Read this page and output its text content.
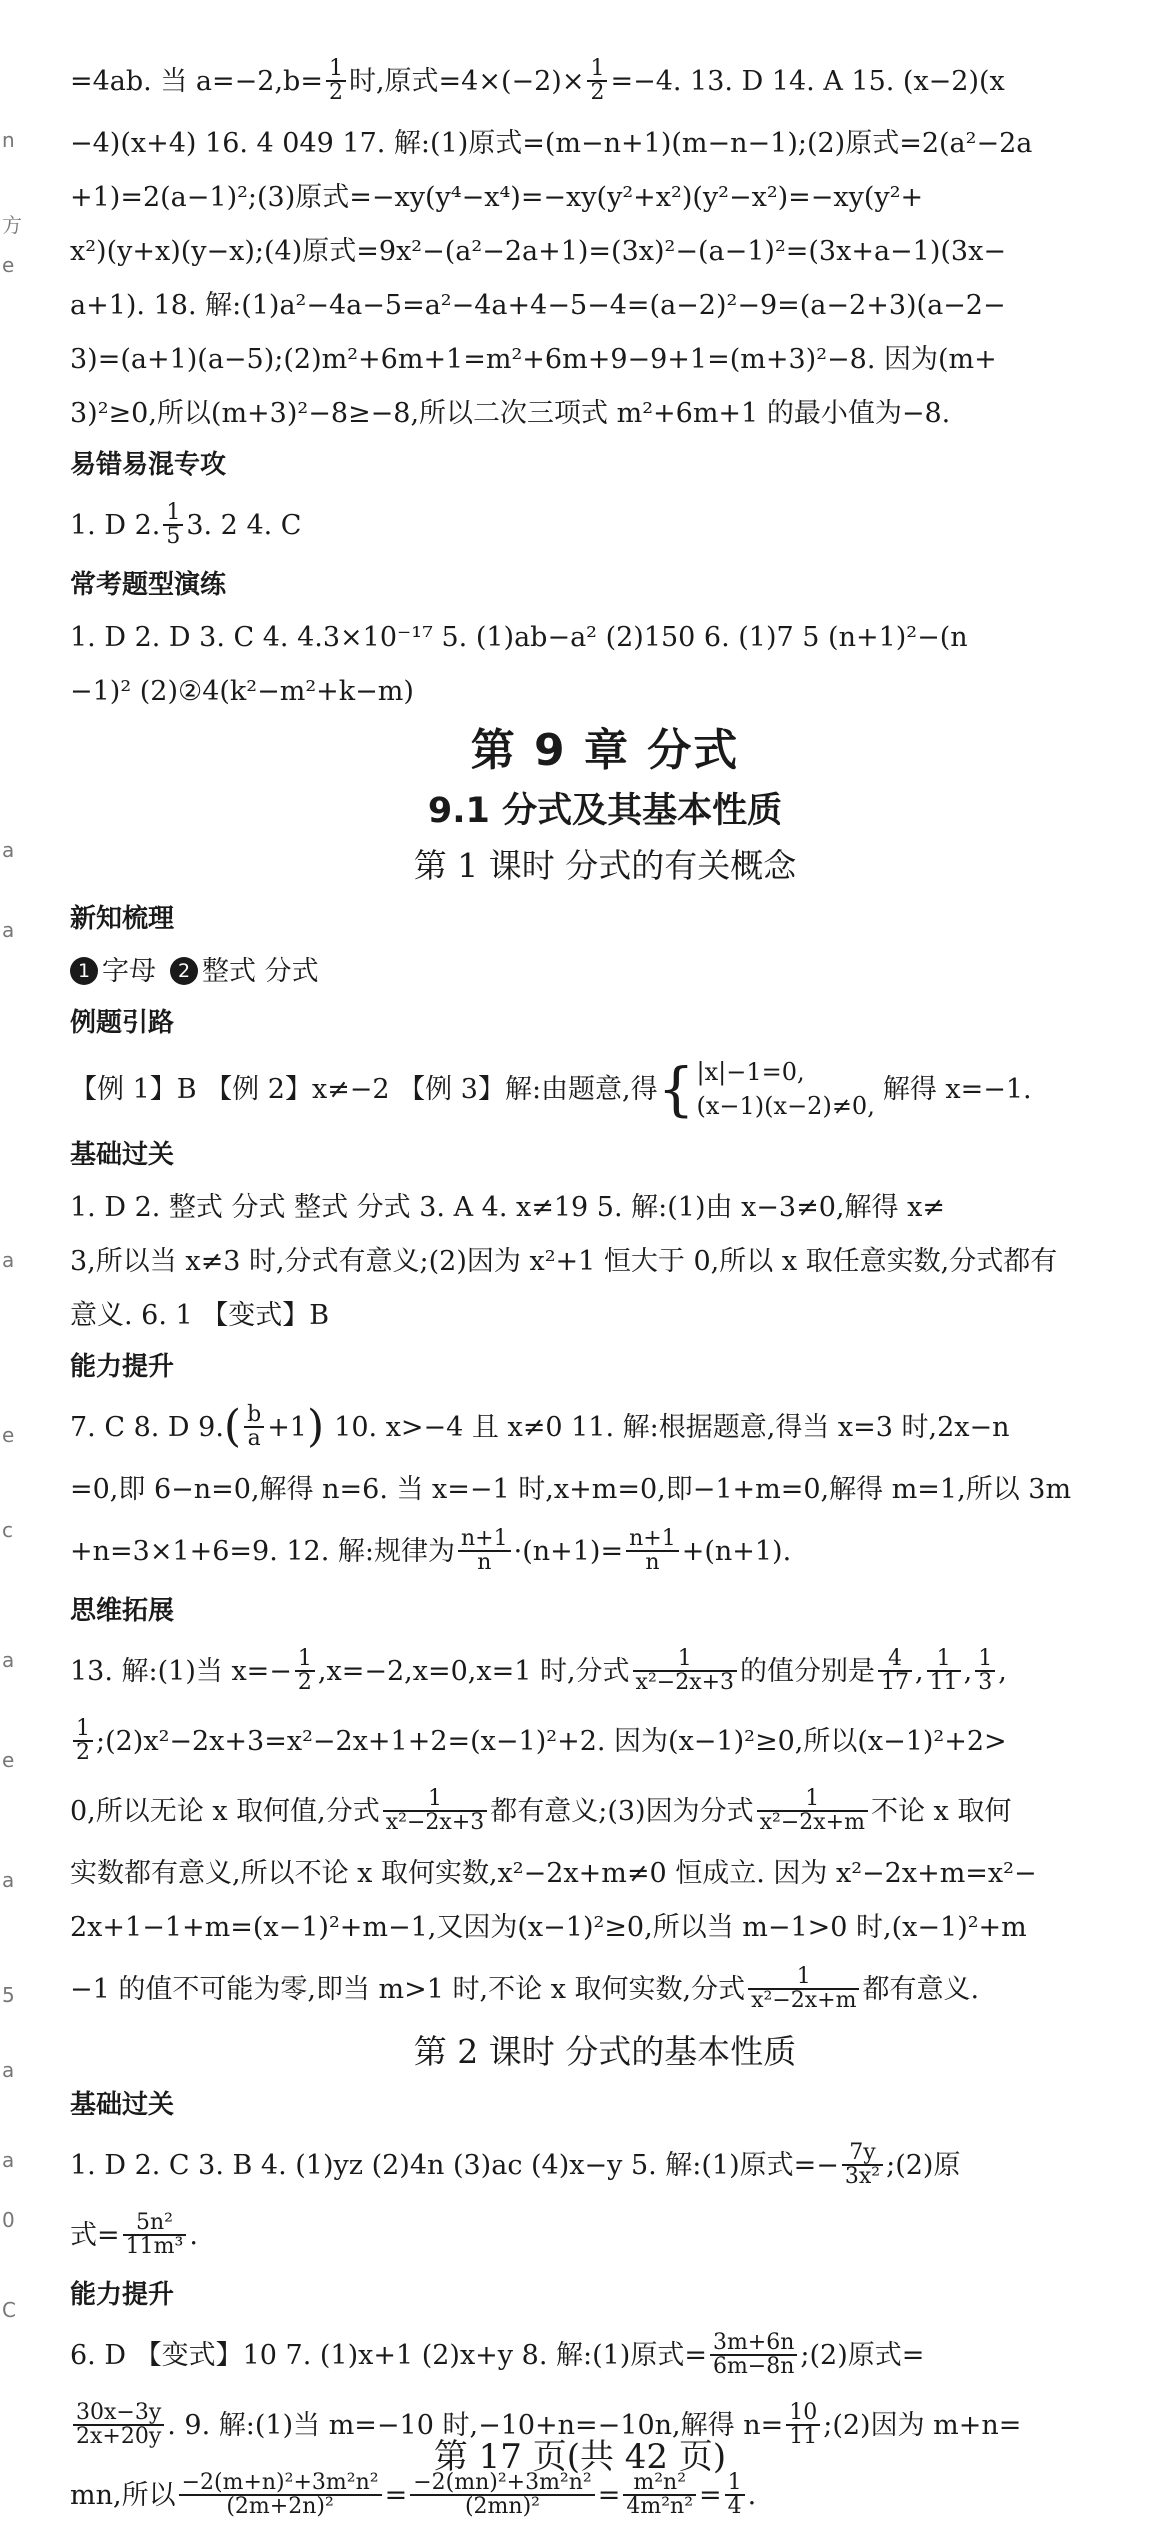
n
方
e
a
a
a
e
c
a
e
a
5
a
a
0
C
=4ab. 当 $a=-2,b= \frac{1}{2}$ 时,原式$=4\times(-2)\times \frac{1}{2} =-4$. 13. D 14. A 15. (x−2)(x
−4)(x+4) 16. 4 049 17. 解:(1)原式=(m−n+1)(m−n−1);(2)原式=2(a²−2a
+1)=2(a−1)²;(3)原式=−xy(y⁴−x⁴)=−xy(y²+x²)(y²−x²)=−xy(y²+
x²)(y+x)(y−x);(4)原式=9x²−(a²−2a+1)=(3x)²−(a−1)²=(3x+a−1)(3x−
a+1). 18. 解:(1)a²−4a−5=a²−4a+4−5−4=(a−2)²−9=(a−2+3)(a−2−
3)=(a+1)(a−5);(2)m²+6m+1=m²+6m+9−9+1=(m+3)²−8. 因为(m+
3)²≥0,所以(m+3)²−8≥−8,所以二次三项式 m²+6m+1 的最小值为−8.
易错易混专攻
1. D 2. $\frac{1}{5} 3$. 2 4. C
常考题型演练
1. D 2. D 3. C 4. 4.3×10⁻¹⁷ 5. (1)ab−a² (2)150 6. (1)7 5 (n+1)²−(n
−1)² (2)②4(k²−m²+k−m)
第 9 章 分式
9.1 分式及其基本性质
第 1 课时 分式的有关概念
新知梳理
1 字母	2 整式 分式
例题引路
【例 1】B 【例 2】x≠−2 【例 3】解:由题意,得 { |x|−1=0,
(x−1)(x−2)≠0,
解得 x=−1.
基础过关
1. D 2. 整式 分式 整式 分式 3. A 4. x≠19 5. 解:(1)由 x−3≠0,解得 x≠
3,所以当 x≠3 时,分式有意义;(2)因为 x²+1 恒大于 0,所以 x 取任意实数,分式都有
意义. 6. 1 【变式】B
能力提升
7. C 8. D 9. ( $\frac{b}{a} +1$ ) 10. x>−4 且 x≠0 11. 解:根据题意,得当 x=3 时,2x−n
=0,即 6−n=0,解得 n=6. 当 x=−1 时,x+m=0,即−1+m=0,解得 m=1,所以 3m
+n=3×1+6=9. 12. 解:规律为 $\frac{n+1}{n} \cdot(n+1)= \frac{n+1}{n} +(n+1)$.
思维拓展
13. 解:(1)当 $x=- \frac{1}{2} ,x=-2,x=0,x=1$ 时,分式 $\frac{1}{\text{x²−2x+3}}$ 的值分别是 $\frac{4}{17}$ , $\frac{1}{11}$ , $\frac{1}{3}$ ,
$\frac{1}{2}$ ;(2)x²−2x+3=x²−2x+1+2=(x−1)²+2. 因为(x−1)²≥0,所以(x−1)²+2>
0,所以无论 x 取何值,分式 $\frac{1}{\text{x²−2x+3}}$ 都有意义;(3)因为分式 $\frac{1}{\text{x²−2x+m}}$ 不论 x 取何
实数都有意义,所以不论 x 取何实数,x²−2x+m≠0 恒成立. 因为 x²−2x+m=x²−
2x+1−1+m=(x−1)²+m−1,又因为(x−1)²≥0,所以当 m−1>0 时,(x−1)²+m
−1 的值不可能为零,即当 m>1 时,不论 x 取何实数,分式 $\frac{1}{\text{x²−2x+m}}$ 都有意义.
第 2 课时 分式的基本性质
基础过关
1. D 2. C 3. B 4. (1)yz (2)4n (3)ac (4)x−y 5. 解:(1)原式=− $\frac{7y}{\text{3x²}}$ ;(2)原
式= $\frac{\text{5n²}}{\text{11m³}}$ .
能力提升
6. D 【变式】10 7. (1)x+1 (2)x+y 8. 解:(1)原式= $\frac{3m+6n}{6m-8n}$ ;(2)原式=
$\frac{30x-3y}{2x+20y}$ . 9. 解:(1)当 m=−10 时,−10+n=−10n,解得 $n= \frac{10}{11}$ ;(2)因为 m+n=
mn,所以 $\frac{\text{−2(m+n)²+3m²n²}}{\text{(2m+2n)²}} = \frac{\text{−2(mn)²+3m²n²}}{\text{(2mn)²}} = \frac{\text{m²n²}}{\text{4m²n²}} = \frac{1}{4}$ .
第 17 页(共 42 页)
